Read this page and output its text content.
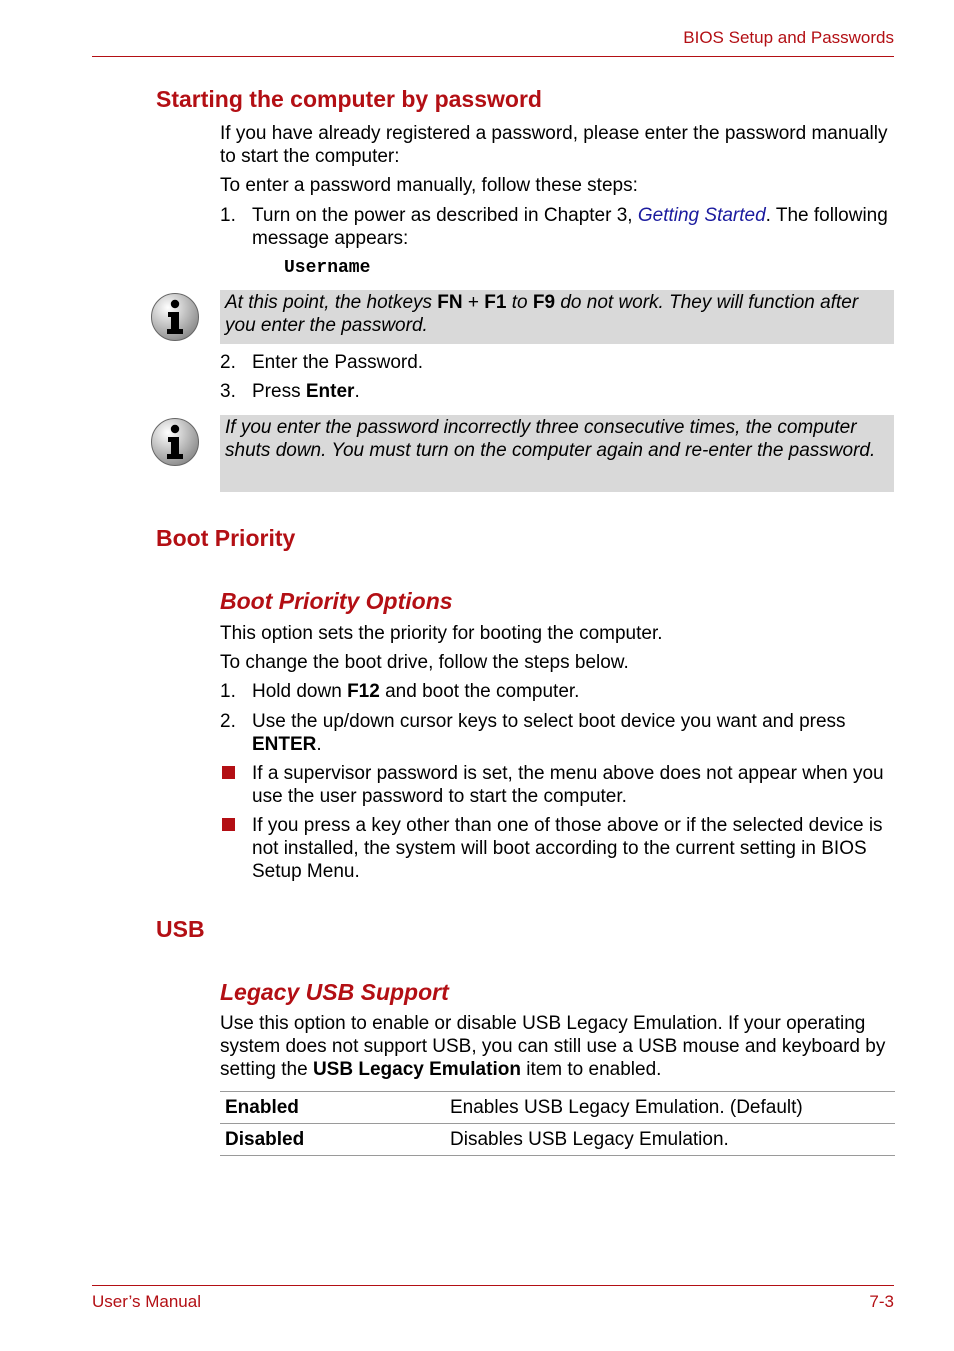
BIOS Setup and Passwords
Starting the computer by password
If you have already registered a password, please enter the password manually to start the computer:
To enter a password manually, follow these steps:
1. Turn on the power as described in Chapter 3, Getting Started. The following message appears:
Username
At this point, the hotkeys FN + F1 to F9 do not work. They will function after you enter the password.
2. Enter the Password.
3. Press Enter.
If you enter the password incorrectly three consecutive times, the computer shuts down. You must turn on the computer again and re-enter the password.
Boot Priority
Boot Priority Options
This option sets the priority for booting the computer.
To change the boot drive, follow the steps below.
1. Hold down F12 and boot the computer.
2. Use the up/down cursor keys to select boot device you want and press ENTER.
If a supervisor password is set, the menu above does not appear when you use the user password to start the computer.
If you press a key other than one of those above or if the selected device is not installed, the system will boot according to the current setting in BIOS Setup Menu.
USB
Legacy USB Support
Use this option to enable or disable USB Legacy Emulation. If your operating system does not support USB, you can still use a USB mouse and keyboard by setting the USB Legacy Emulation item to enabled.
Enabled	Enables USB Legacy Emulation. (Default)
Disabled	Disables USB Legacy Emulation.
User’s Manual	7-3
